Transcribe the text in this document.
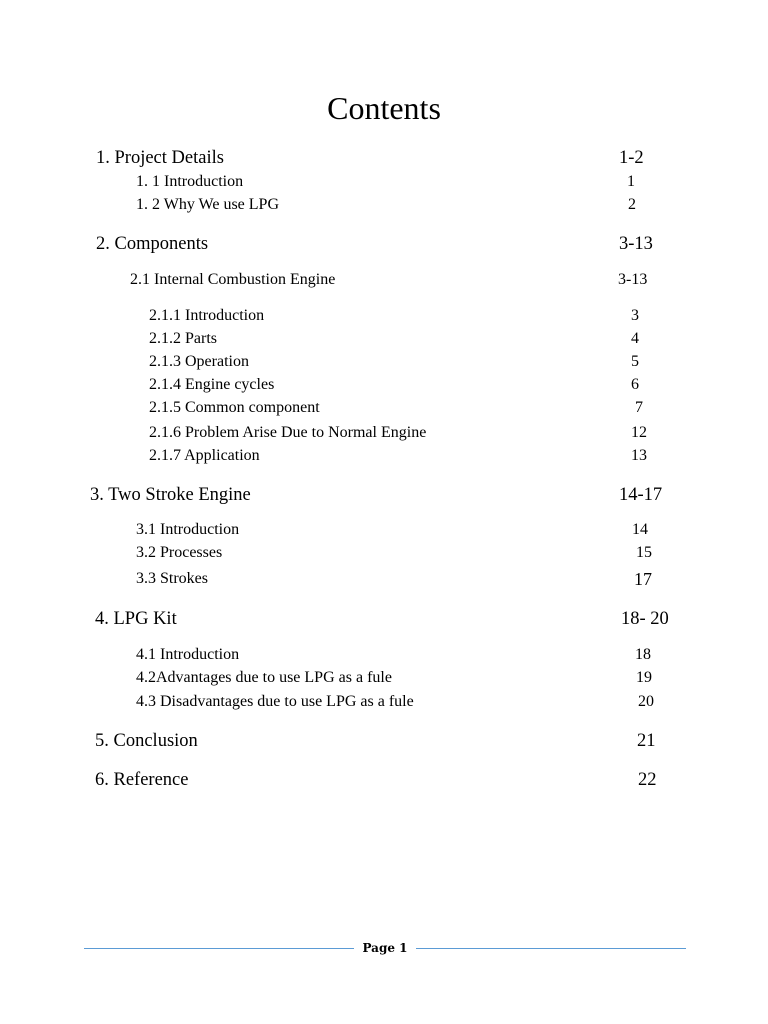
Contents
1. Project Details	1-2
1. 1 Introduction	1
1. 2 Why We use LPG	2
2. Components	3-13
2.1 Internal Combustion Engine	3-13
2.1.1 Introduction	3
2.1.2 Parts	4
2.1.3 Operation	5
2.1.4 Engine cycles	6
2.1.5 Common component	7
2.1.6 Problem Arise Due to Normal Engine	12
2.1.7 Application	13
3. Two Stroke Engine	14-17
3.1 Introduction	14
3.2 Processes	15
3.3 Strokes	17
4. LPG Kit	18- 20
4.1 Introduction	18
4.2Advantages due to use LPG as a fule	19
4.3 Disadvantages due to use LPG as a fule	20
5. Conclusion	21
6. Reference	22
Page 1
